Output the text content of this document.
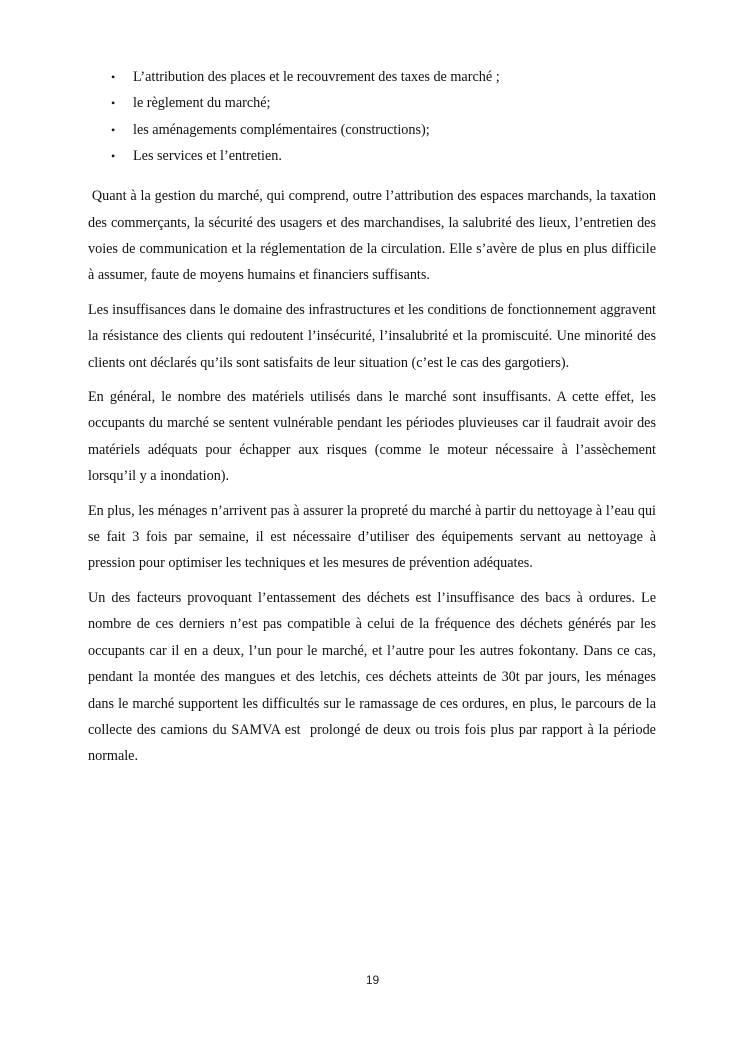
• L’attribution des places et le recouvrement des taxes de marché ;
• le règlement du marché;
• les aménagements complémentaires (constructions);
• Les services et l’entretien.

Quant à la gestion du marché, qui comprend, outre l’attribution des espaces marchands, la taxation des commerçants, la sécurité des usagers et des marchandises, la salubrité des lieux, l’entretien des voies de communication et la réglementation de la circulation. Elle s’avère de plus en plus difficile à assumer, faute de moyens humains et financiers suffisants.

Les insuffisances dans le domaine des infrastructures et les conditions de fonctionnement aggravent la résistance des clients qui redoutent l’insécurité, l’insalubrité et la promiscuité. Une minorité des clients ont déclarés qu’ils sont satisfaits de leur situation (c’est le cas des gargotiers).

En général, le nombre des matériels utilisés dans le marché sont insuffisants. A cette effet, les occupants du marché se sentent vulnérable pendant les périodes pluvieuses car il faudrait avoir des matériels adéquats pour échapper aux risques (comme le moteur nécessaire à l’assèchement lorsqu’il y a inondation).

En plus, les ménages n’arrivent pas à assurer la propreté du marché à partir du nettoyage à l’eau qui se fait 3 fois par semaine, il est nécessaire d’utiliser des équipements servant au nettoyage à pression pour optimiser les techniques et les mesures de prévention adéquates.

Un des facteurs provoquant l’entassement des déchets est l’insuffisance des bacs à ordures. Le nombre de ces derniers n’est pas compatible à celui de la fréquence des déchets générés par les occupants car il en a deux, l’un pour le marché, et l’autre pour les autres fokontany. Dans ce cas, pendant la montée des mangues et des letchis, ces déchets atteints de 30t par jours, les ménages dans le marché supportent les difficultés sur le ramassage de ces ordures, en plus, le parcours de la collecte des camions du SAMVA est  prolongé de deux ou trois fois plus par rapport à la période normale.

19
